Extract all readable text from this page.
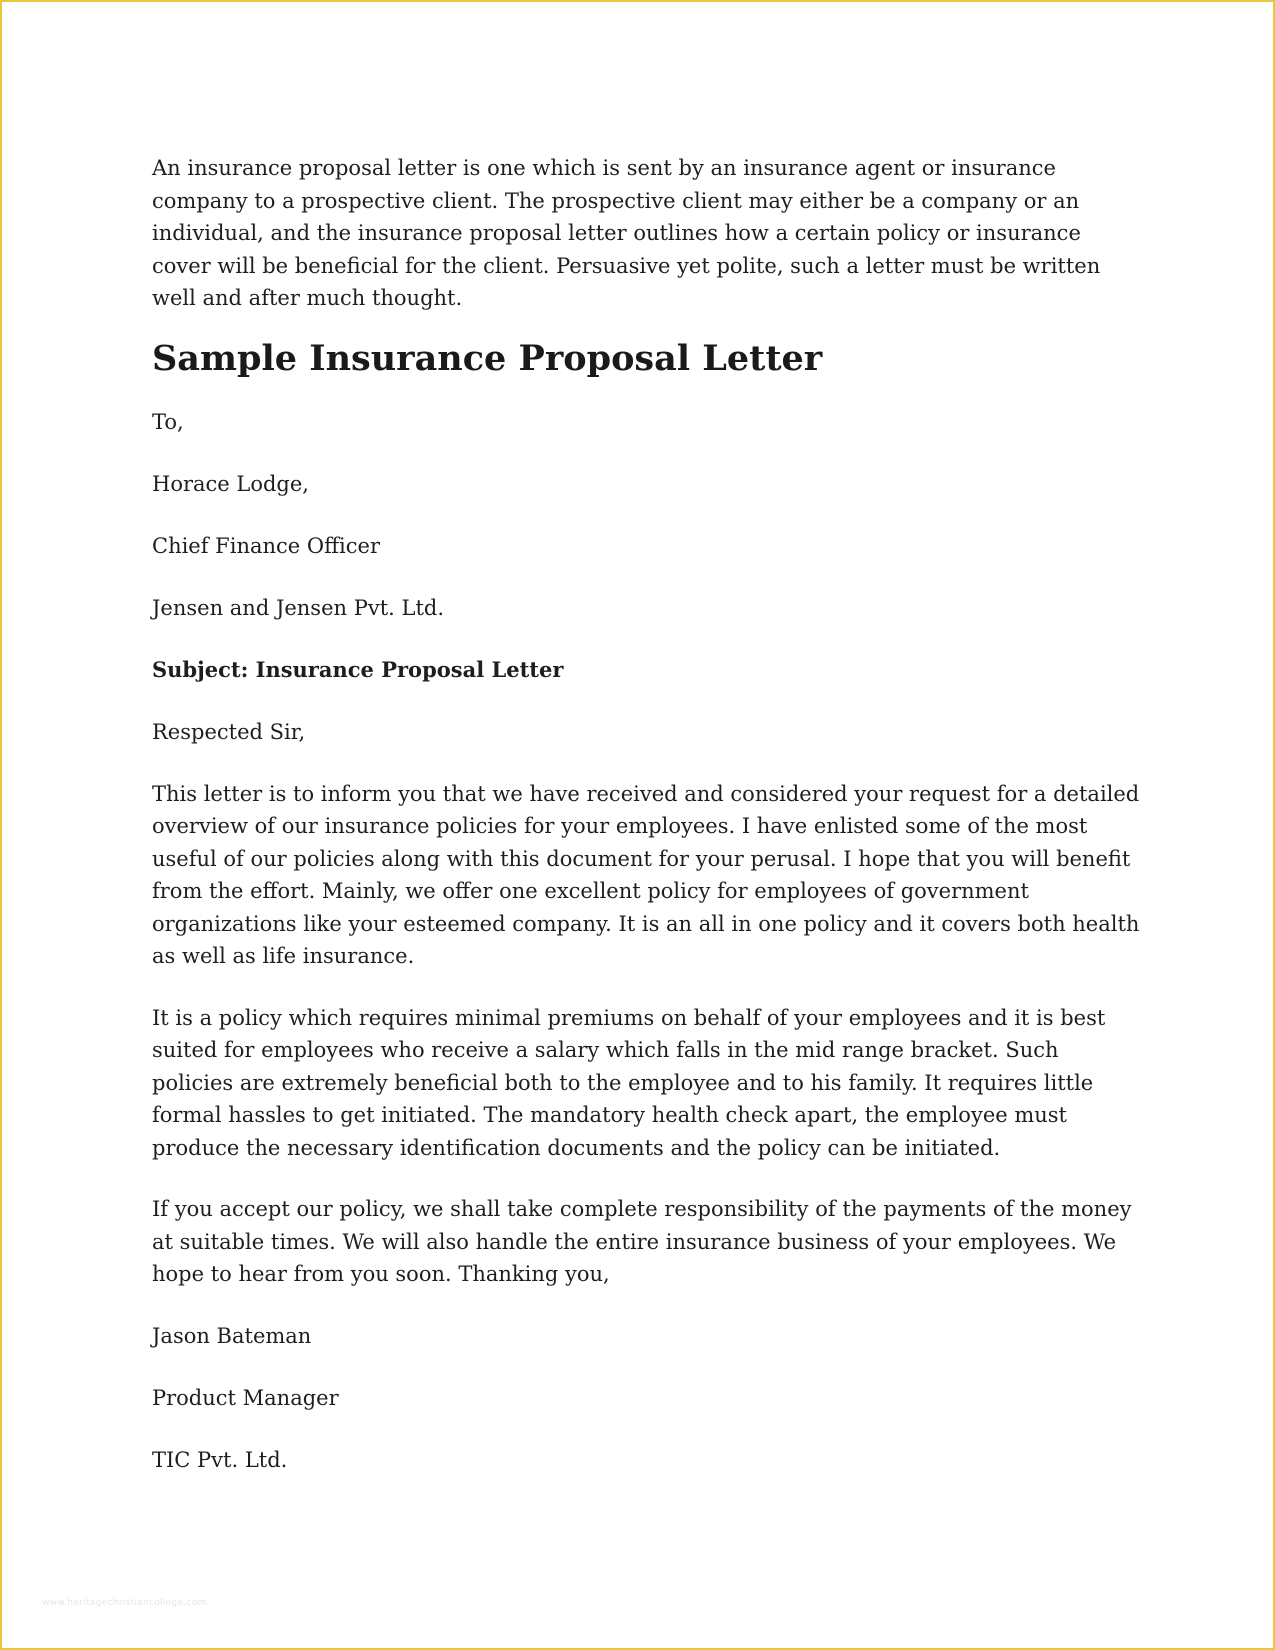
An insurance proposal letter is one which is sent by an insurance agent or insurance company to a prospective client. The prospective client may either be a company or an individual, and the insurance proposal letter outlines how a certain policy or insurance cover will be beneficial for the client. Persuasive yet polite, such a letter must be written well and after much thought.

Sample Insurance Proposal Letter
To,
Horace Lodge,
Chief Finance Officer
Jensen and Jensen Pvt. Ltd.
Subject: Insurance Proposal Letter
Respected Sir,

This letter is to inform you that we have received and considered your request for a detailed overview of our insurance policies for your employees. I have enlisted some of the most useful of our policies along with this document for your perusal. I hope that you will benefit from the effort. Mainly, we offer one excellent policy for employees of government organizations like your esteemed company. It is an all in one policy and it covers both health as well as life insurance.

It is a policy which requires minimal premiums on behalf of your employees and it is best suited for employees who receive a salary which falls in the mid range bracket. Such policies are extremely beneficial both to the employee and to his family. It requires little formal hassles to get initiated. The mandatory health check apart, the employee must produce the necessary identification documents and the policy can be initiated.

If you accept our policy, we shall take complete responsibility of the payments of the money at suitable times. We will also handle the entire insurance business of your employees. We hope to hear from you soon. Thanking you,

Jason Bateman
Product Manager
TIC Pvt. Ltd.
www.heritagechristiancollege.com
